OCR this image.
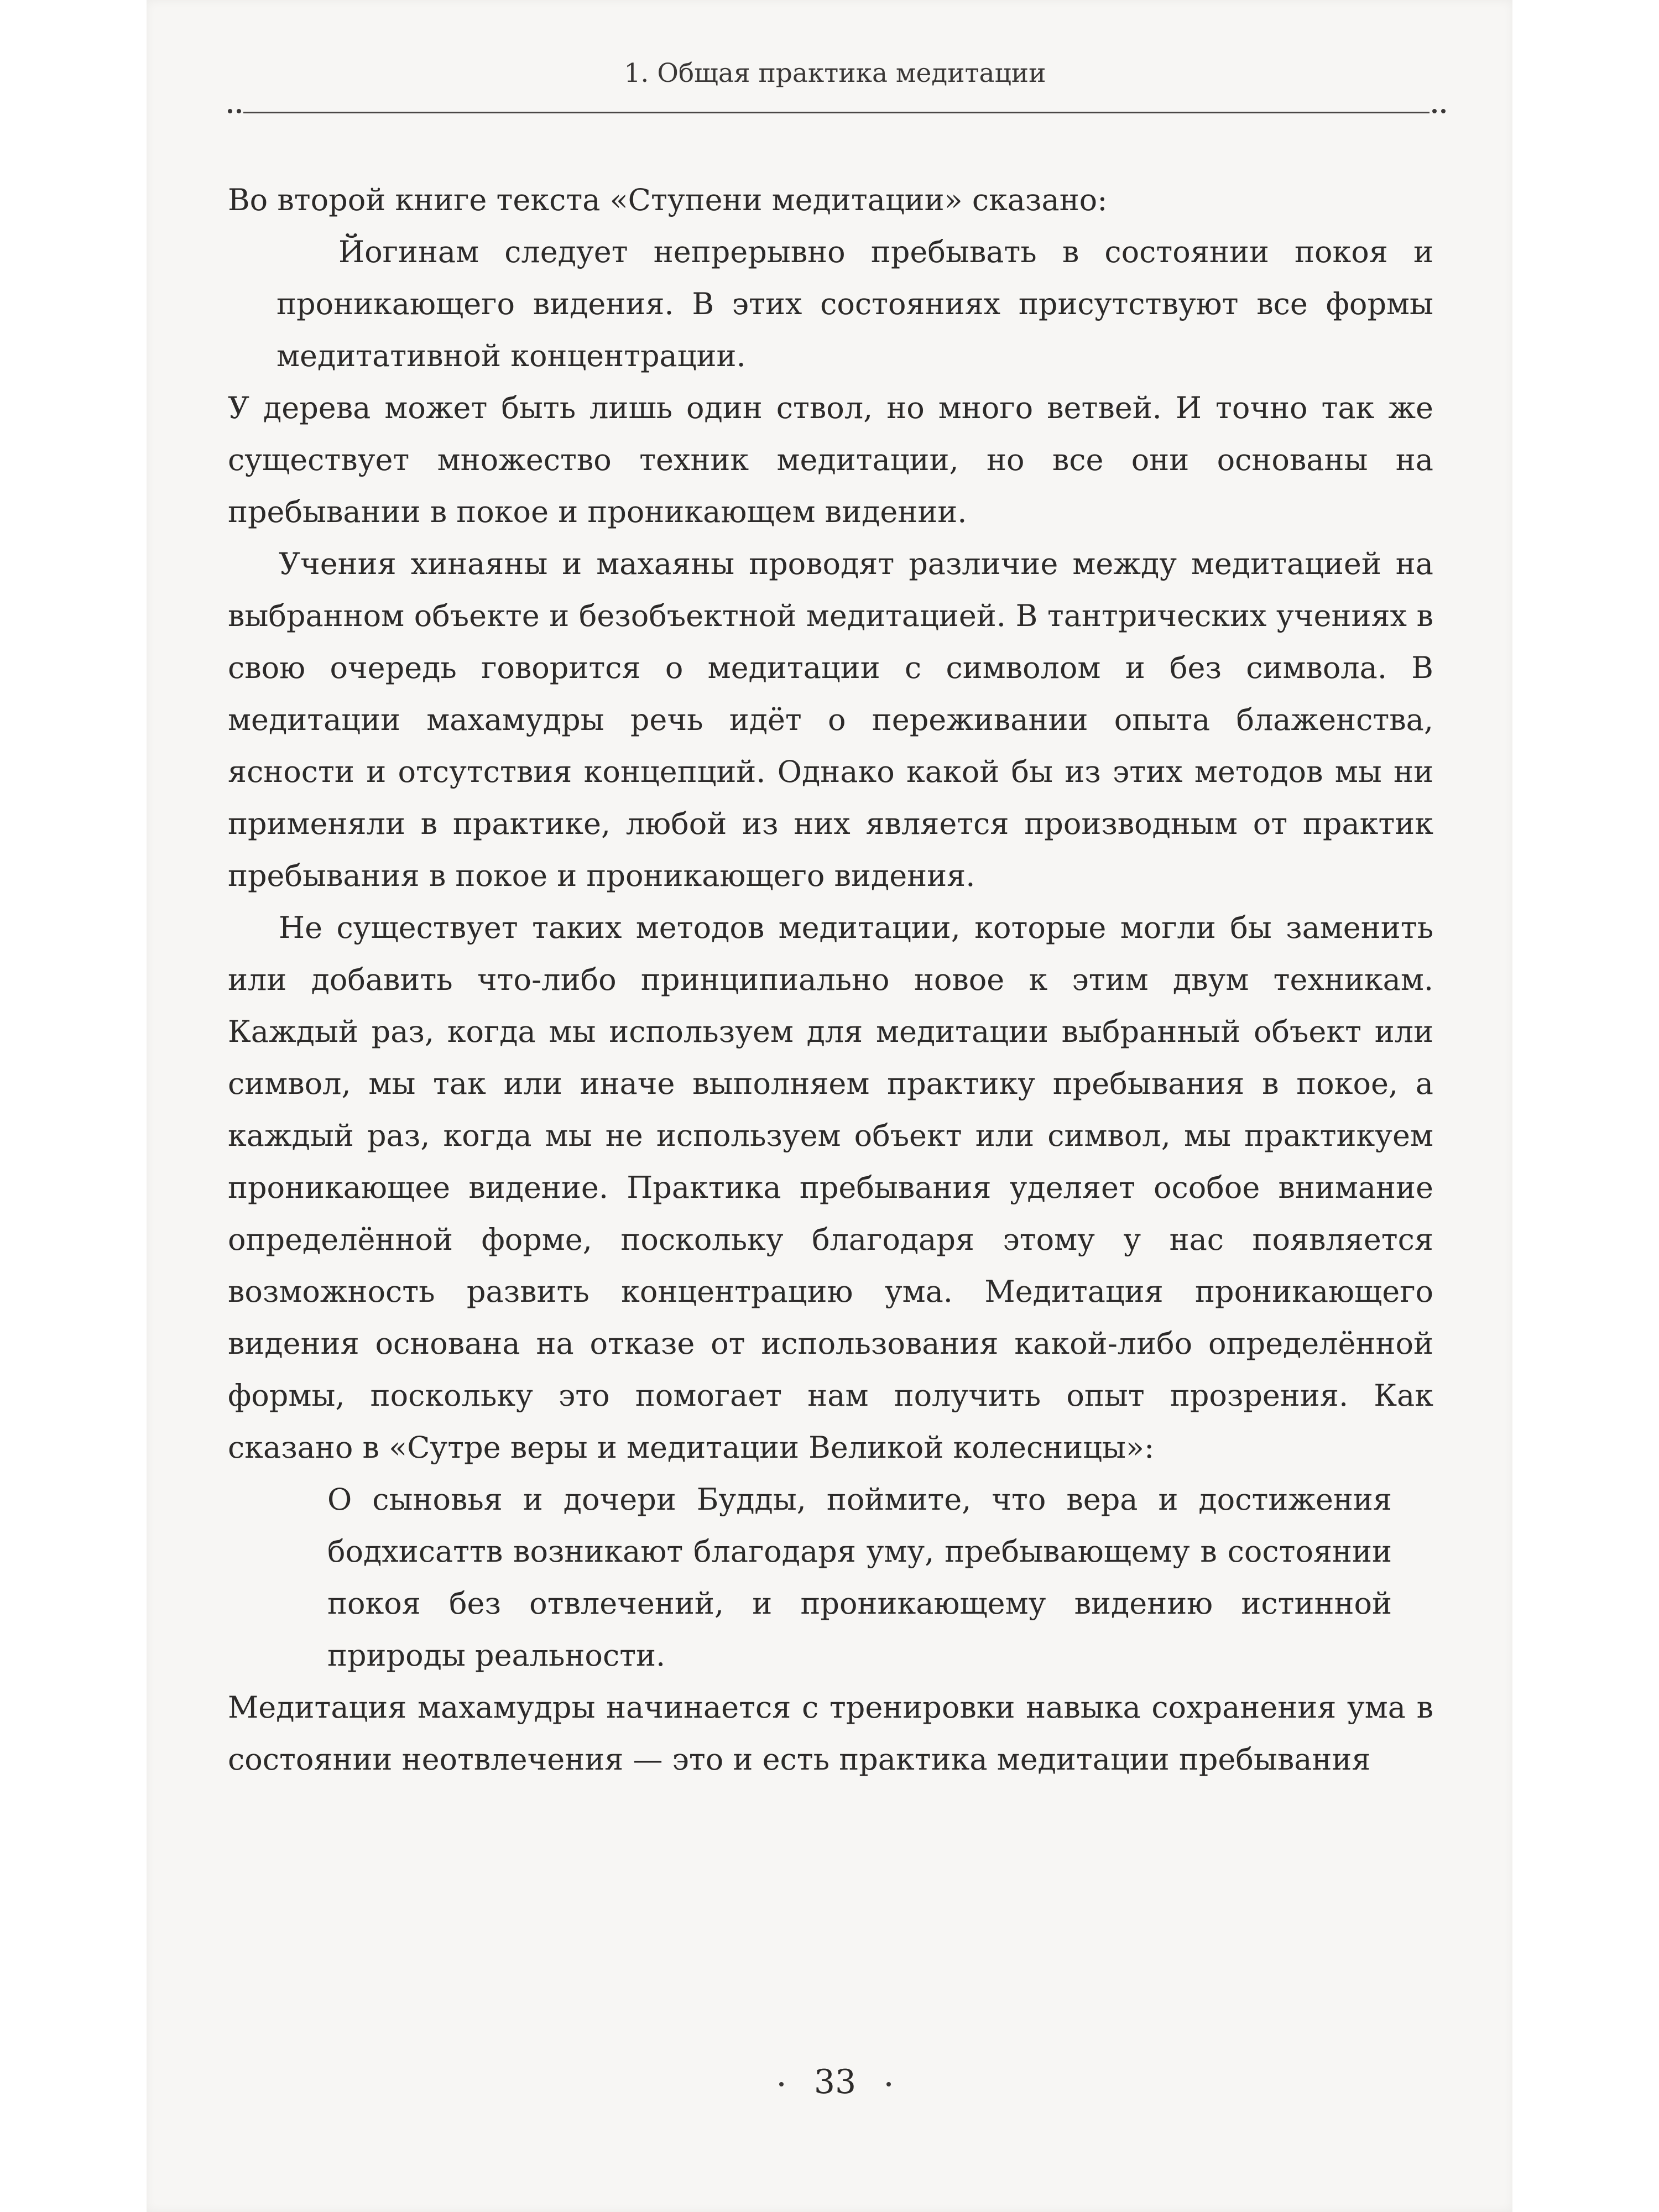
1. Общая практика медитации

Во второй книге текста «Ступени медитации» сказано:

Йогинам следует непрерывно пребывать в состоянии покоя и проникающего видения. В этих состояниях присутствуют все формы медитативной концентрации.

У дерева может быть лишь один ствол, но много ветвей. И точно так же существует множество техник медитации, но все они основаны на пребывании в покое и проникающем видении.

Учения хинаяны и махаяны проводят различие между медитацией на выбранном объекте и безобъектной медитацией. В тантрических учениях в свою очередь говорится о медитации с символом и без символа. В медитации махамудры речь идёт о переживании опыта блаженства, ясности и отсутствия концепций. Однако какой бы из этих методов мы ни применяли в практике, любой из них является производным от практик пребывания в покое и проникающего видения.

Не существует таких методов медитации, которые могли бы заменить или добавить что-либо принципиально новое к этим двум техникам. Каждый раз, когда мы используем для медитации выбранный объект или символ, мы так или иначе выполняем практику пребывания в покое, а каждый раз, когда мы не используем объект или символ, мы практикуем проникающее видение. Практика пребывания уделяет особое внимание определённой форме, поскольку благодаря этому у нас появляется возможность развить концентрацию ума. Медитация проникающего видения основана на отказе от использования какой-либо определённой формы, поскольку это помогает нам получить опыт прозрения. Как сказано в «Сутре веры и медитации Великой колесницы»:

О сыновья и дочери Будды, поймите, что вера и достижения бодхисаттв возникают благодаря уму, пребывающему в состоянии покоя без отвлечений, и проникающему видению истинной природы реальности.

Медитация махамудры начинается с тренировки навыка сохранения ума в состоянии неотвлечения — это и есть практика медитации пребывания

33
